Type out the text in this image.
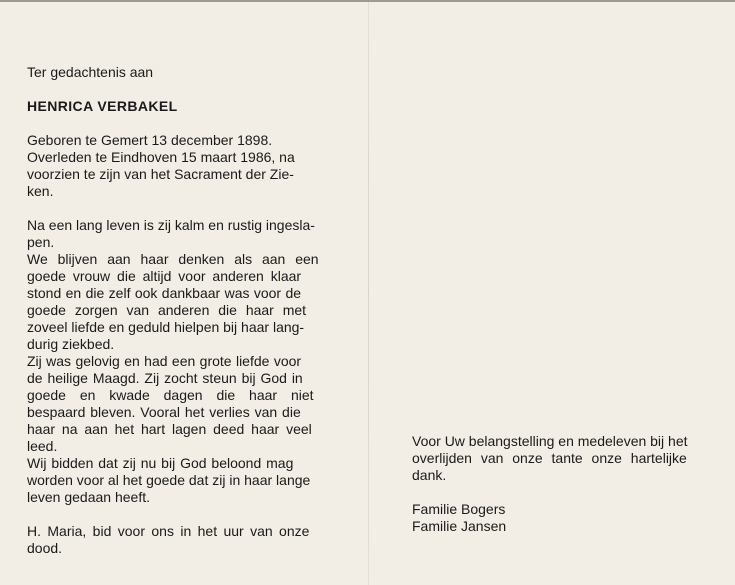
Ter gedachtenis aan
HENRICA VERBAKEL
Geboren te Gemert 13 december 1898.
Overleden te Eindhoven 15 maart 1986, na
voorzien te zijn van het Sacrament der Zie-
ken.
Na een lang leven is zij kalm en rustig ingesla-
pen.
We blijven aan haar denken als aan een
goede vrouw die altijd voor anderen klaar
stond en die zelf ook dankbaar was voor de
goede zorgen van anderen die haar met
zoveel liefde en geduld hielpen bij haar lang-
durig ziekbed.
Zij was gelovig en had een grote liefde voor
de heilige Maagd. Zij zocht steun bij God in
goede en kwade dagen die haar niet
bespaard bleven. Vooral het verlies van die
haar na aan het hart lagen deed haar veel
leed.
Wij bidden dat zij nu bij God beloond mag
worden voor al het goede dat zij in haar lange
leven gedaan heeft.
H. Maria, bid voor ons in het uur van onze
dood.
Voor Uw belangstelling en medeleven bij het
overlijden van onze tante onze hartelijke
dank.
Familie Bogers
Familie Jansen
